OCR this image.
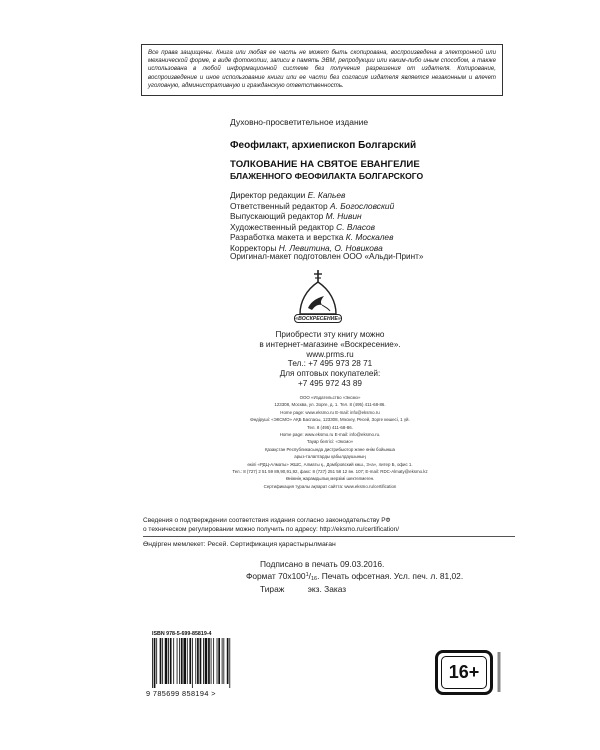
Все права защищены. Книга или любая ее часть не может быть скопирована, воспроизведена в электронной или механической форме, в виде фотокопии, записи в память ЭВМ, репродукции или каким-либо иным способом, а также использована в любой информационной системе без получения разрешения от издателя. Копирование, воспроизведение и иное использование книги или ее части без согласия издателя является незаконным и влечет уголовную, административную и гражданскую ответственность.
Духовно-просветительное издание
Феофилакт, архиепископ Болгарский
ТОЛКОВАНИЕ НА СВЯТОЕ ЕВАНГЕЛИЕ
БЛАЖЕННОГО ФЕОФИЛАКТА БОЛГАРСКОГО
Директор редакции Е. Капьев
Ответственный редактор А. Богословский
Выпускающий редактор М. Нивин
Художественный редактор С. Власов
Разработка макета и верстка К. Москалев
Корректоры Н. Левитина, О. Новикова
Оригинал-макет подготовлен ООО «Альди-Принт»
«ВОСКРЕСЕНИЕ»
Приобрести эту книгу можно
в интернет-магазине «Воскресение».
www.prms.ru
Тел.: +7 495 973 28 71
Для оптовых покупателей:
+7 495 972 43 89
ООО «Издательство «Эксмо»
123308, Москва, ул. Зорге, д. 1. Тел. 8 (495) 411-68-86.
Home page: www.eksmo.ru E-mail: info@eksmo.ru
Өндіруші: «ЭКСМО» АҚБ Баспасы, 123308, Мәскеу, Ресей, Зорге көшесі, 1 үй.
Тел. 8 (495) 411-68-86.
Home page: www.eksmo.ru E-mail: info@eksmo.ru.
Тауар белгісі: «Эксмо»
Қазақстан Республикасында дистрибьютор және өнім бойынша
арыз-талаптарды қабылдаушының
өкілі «РДЦ-Алматы» ЖШС, Алматы қ., Домбровский көш., 3«а», литер Б, офис 1.
Тел.: 8 (727) 2 51 59 89,90,91,92, факс: 8 (727) 251 58 12 вн. 107; E-mail: RDC-Almaty@eksmo.kz
Өнімнің жарамдылық мерзімі шектелмеген.
Сертификация туралы ақпарат сайтта: www.eksmo.ru/certification
Сведения о подтверждении соответствия издания согласно законодательству РФ
о техническом регулировании можно получить по адресу: http://eksmo.ru/certification/
Өндірген мемлекет: Ресей. Сертификация қарастырылмаған
Подписано в печать 09.03.2016.
Формат $70x100^1/16$. Печать офсетная. Усл. печ. л. 81,02.
Тираж          экз. Заказ
ISBN 978-5-699-85819-4
9 785699 858194 >
16+
